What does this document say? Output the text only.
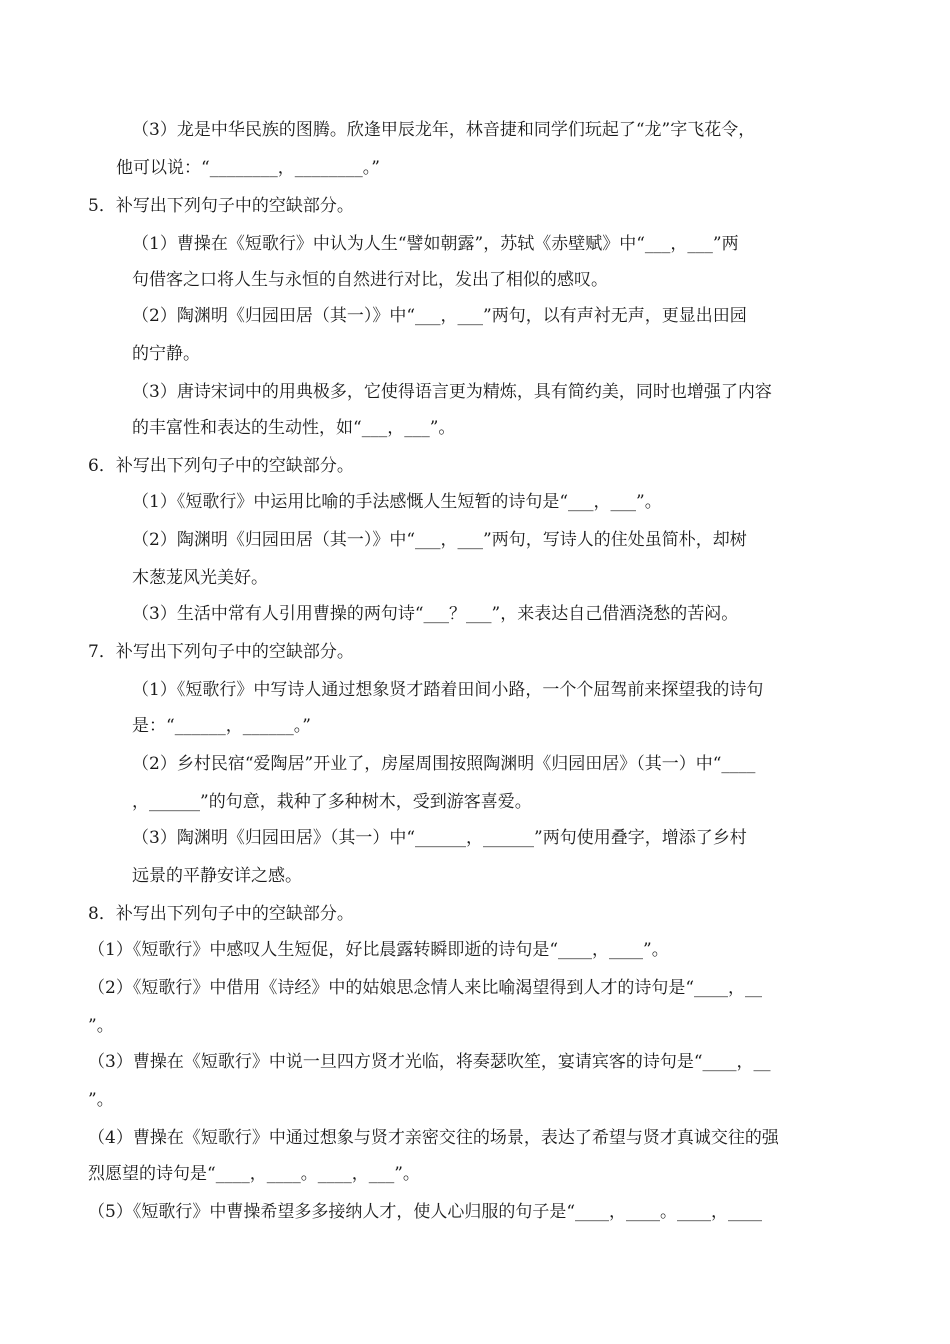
（3）龙是中华民族的图腾。欣逢甲辰龙年，林音捷和同学们玩起了“龙”字飞花令，
他可以说：“________，________。”
5．补写出下列句子中的空缺部分。
（1）曹操在《短歌行》中认为人生“譬如朝露”，苏轼《赤壁赋》中“___，___”两
句借客之口将人生与永恒的自然进行对比，发出了相似的感叹。
（2）陶渊明《归园田居（其一）》中“___，___”两句，以有声衬无声，更显出田园
的宁静。
（3）唐诗宋词中的用典极多，它使得语言更为精炼，具有简约美，同时也增强了内容
的丰富性和表达的生动性，如“___，___”。
6．补写出下列句子中的空缺部分。
（1）《短歌行》中运用比喻的手法感慨人生短暂的诗句是“___，___”。
（2）陶渊明《归园田居（其一）》中“___，___”两句，写诗人的住处虽简朴，却树
木葱茏风光美好。
（3）生活中常有人引用曹操的两句诗“___？___”，来表达自己借酒浇愁的苦闷。
7．补写出下列句子中的空缺部分。
（1）《短歌行》中写诗人通过想象贤才踏着田间小路，一个个屈驾前来探望我的诗句
是：“______，______。”
（2）乡村民宿“爱陶居”开业了，房屋周围按照陶渊明《归园田居》（其一）中“____
，______”的句意，栽种了多种树木，受到游客喜爱。
（3）陶渊明《归园田居》（其一）中“______，______”两句使用叠字，增添了乡村
远景的平静安详之感。
8．补写出下列句子中的空缺部分。
（1）《短歌行》中感叹人生短促，好比晨露转瞬即逝的诗句是“____，____”。
（2）《短歌行》中借用《诗经》中的姑娘思念情人来比喻渴望得到人才的诗句是“____，__
”。
（3）曹操在《短歌行》中说一旦四方贤才光临，将奏瑟吹笙，宴请宾客的诗句是“____，__
”。
（4）曹操在《短歌行》中通过想象与贤才亲密交往的场景，表达了希望与贤才真诚交往的强
烈愿望的诗句是“____，____。____，___”。
（5）《短歌行》中曹操希望多多接纳人才，使人心归服的句子是“____，____。____，____
